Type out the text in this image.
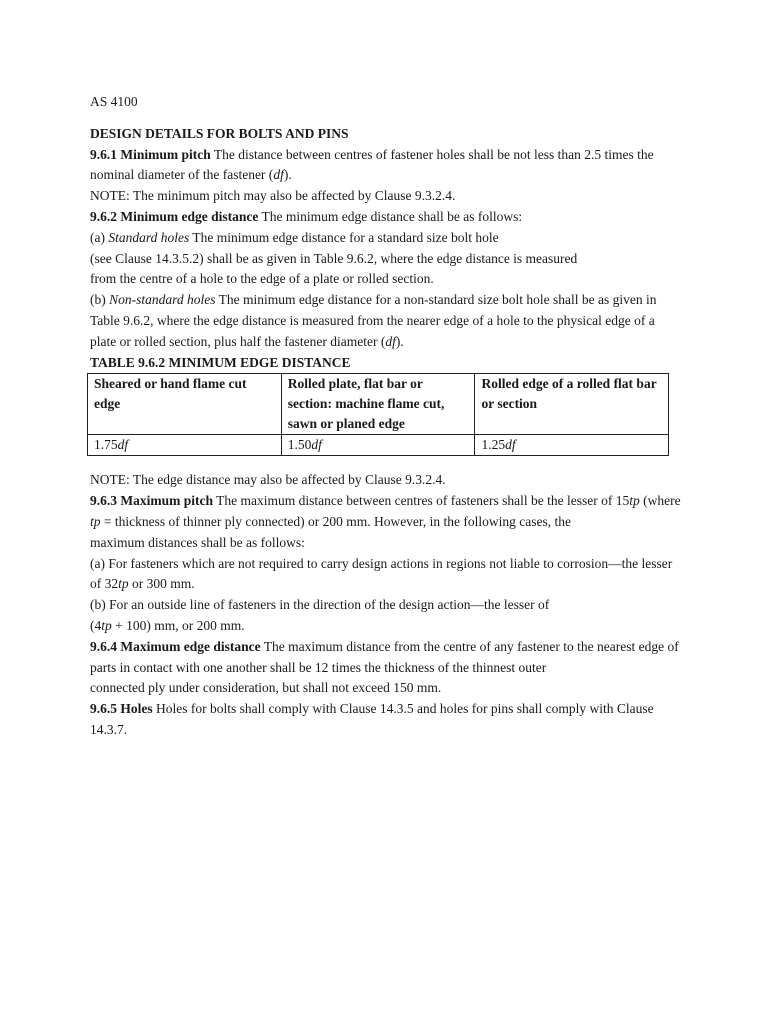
AS 4100

DESIGN DETAILS FOR BOLTS AND PINS

9.6.1 Minimum pitch The distance between centres of fastener holes shall be not less than 2.5 times the nominal diameter of the fastener (df).

NOTE: The minimum pitch may also be affected by Clause 9.3.2.4.

9.6.2 Minimum edge distance The minimum edge distance shall be as follows:

(a) Standard holes The minimum edge distance for a standard size bolt hole

(see Clause 14.3.5.2) shall be as given in Table 9.6.2, where the edge distance is measured

from the centre of a hole to the edge of a plate or rolled section.

(b) Non-standard holes The minimum edge distance for a non-standard size bolt hole shall be as given in Table 9.6.2, where the edge distance is measured from the nearer edge of a hole to the physical edge of a plate or rolled section, plus half the fastener diameter (df).

TABLE 9.6.2 MINIMUM EDGE DISTANCE

Sheared or hand flame cut edge	Rolled plate, flat bar or section: machine flame cut, sawn or planed edge	Rolled edge of a rolled flat bar or section
1.75df	1.50df	1.25df

NOTE: The edge distance may also be affected by Clause 9.3.2.4.

9.6.3 Maximum pitch The maximum distance between centres of fasteners shall be the lesser of 15tp (where tp = thickness of thinner ply connected) or 200 mm. However, in the following cases, the

maximum distances shall be as follows:

(a) For fasteners which are not required to carry design actions in regions not liable to corrosion—the lesser of 32tp or 300 mm.

(b) For an outside line of fasteners in the direction of the design action—the lesser of

(4tp + 100) mm, or 200 mm.

9.6.4 Maximum edge distance The maximum distance from the centre of any fastener to the nearest edge of parts in contact with one another shall be 12 times the thickness of the thinnest outer

connected ply under consideration, but shall not exceed 150 mm.

9.6.5 Holes Holes for bolts shall comply with Clause 14.3.5 and holes for pins shall comply with Clause 14.3.7.
